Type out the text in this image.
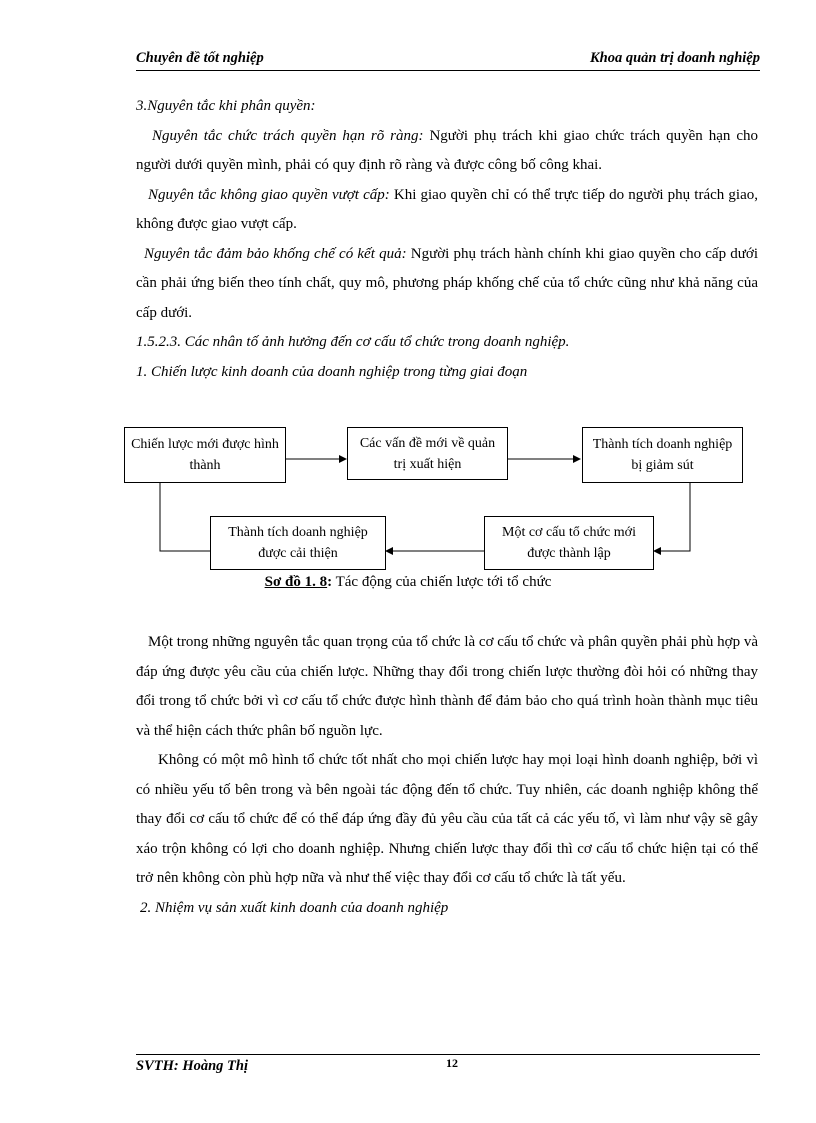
Chuyên đề tốt nghiệp	Khoa quản trị doanh nghiệp

3.Nguyên tắc khi phân quyền:

Nguyên tắc chức trách quyền hạn rõ ràng: Người phụ trách khi giao chức trách quyền hạn cho người dưới quyền mình, phải có quy định rõ ràng và được công bố công khai.

Nguyên tắc không giao quyền vượt cấp: Khi giao quyền chỉ có thể trực tiếp do người phụ trách giao, không được giao vượt cấp.

Nguyên tắc đảm bảo khống chế có kết quả: Người phụ trách hành chính khi giao quyền cho cấp dưới cần phải ứng biến theo tính chất, quy mô, phương pháp khống chế của tổ chức cũng như khả năng của cấp dưới.

1.5.2.3. Các nhân tố ảnh hưởng đến cơ cấu tổ chức trong doanh nghiệp.

1. Chiến lược kinh doanh của doanh nghiệp trong từng giai đoạn

Chiến lược mới được hình thành
Các vấn đề mới về quản trị xuất hiện
Thành tích doanh nghiệp bị giảm sút
Một cơ cấu tổ chức mới được thành lập
Thành tích doanh nghiệp được cải thiện
Sơ đồ 1. 8: Tác động của chiến lược tới tổ chức

Một trong những nguyên tắc quan trọng của tổ chức là cơ cấu tổ chức và phân quyền phải phù hợp và đáp ứng được yêu cầu của chiến lược. Những thay đổi trong chiến lược thường đòi hỏi có những thay đổi trong tổ chức bởi vì cơ cấu tổ chức được hình thành để đảm bảo cho quá trình hoàn thành mục tiêu và thể hiện cách thức phân bố nguồn lực.

Không có một mô hình tổ chức tốt nhất cho mọi chiến lược hay mọi loại hình doanh nghiệp, bởi vì có nhiều yếu tố bên trong và bên ngoài tác động đến tổ chức. Tuy nhiên, các doanh nghiệp không thể thay đổi cơ cấu tổ chức để có thể đáp ứng đầy đủ yêu cầu của tất cả các yếu tố, vì làm như vậy sẽ gây xáo trộn không có lợi cho doanh nghiệp. Nhưng chiến lược thay đổi thì cơ cấu tổ chức hiện tại có thể trở nên không còn phù hợp nữa và như thế việc thay đổi cơ cấu tổ chức là tất yếu.

2. Nhiệm vụ sản xuất kinh doanh của doanh nghiệp

SVTH: Hoàng Thị	12
